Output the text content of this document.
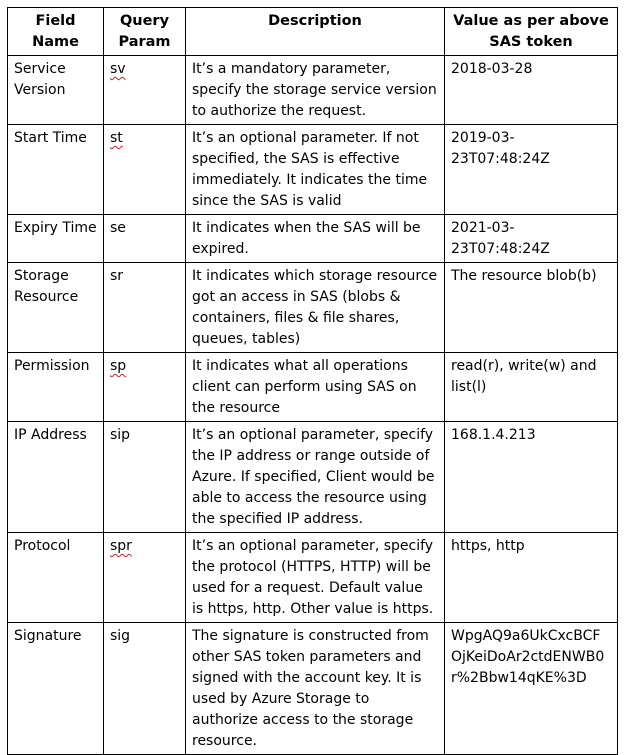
Field Name	Query Param	Description	Value as per above SAS token
Service Version	sv	It’s a mandatory parameter, specify the storage service version to authorize the request.	2018-03-28
Start Time	st	It’s an optional parameter. If not specified, the SAS is effective immediately. It indicates the time since the SAS is valid	2019-03-23T07:48:24Z
Expiry Time	se	It indicates when the SAS will be expired.	2021-03-23T07:48:24Z
Storage Resource	sr	It indicates which storage resource got an access in SAS (blobs & containers, files & file shares, queues, tables)	The resource blob(b)
Permission	sp	It indicates what all operations client can perform using SAS on the resource	read(r), write(w) and list(l)
IP Address	sip	It’s an optional parameter, specify the IP address or range outside of Azure. If specified, Client would be able to access the resource using the specified IP address.	168.1.4.213
Protocol	spr	It’s an optional parameter, specify the protocol (HTTPS, HTTP) will be used for a request. Default value is https, http. Other value is https.	https, http
Signature	sig	The signature is constructed from other SAS token parameters and signed with the account key. It is used by Azure Storage to authorize access to the storage resource.	WpgAQ9a6UkCxcBCFOjKeiDoAr2ctdENWB0r%2Bbw14qKE%3D
